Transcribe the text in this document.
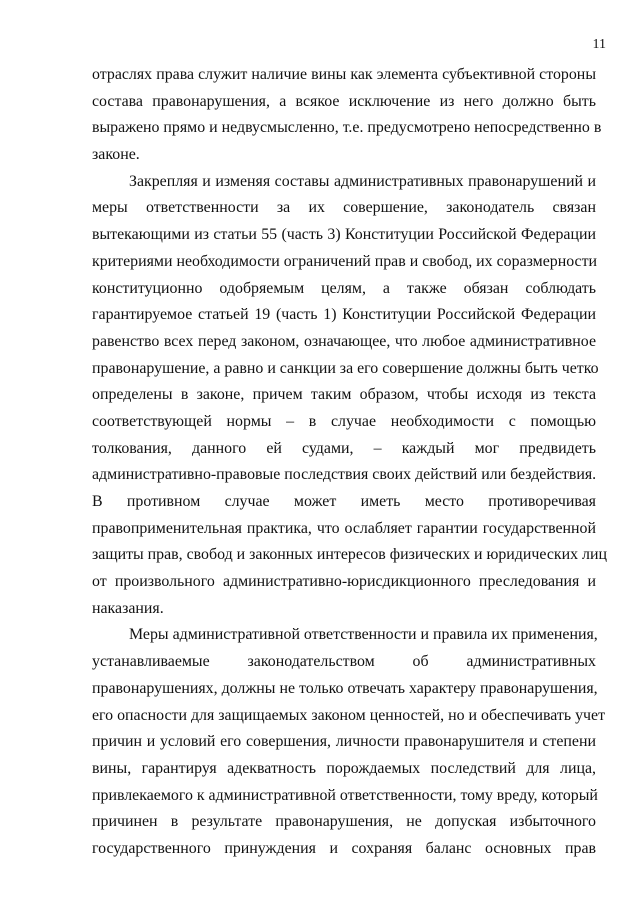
11
отраслях права служит наличие вины как элемента субъективной стороны
состава правонарушения, а всякое исключение из него должно быть
выражено прямо и недвусмысленно, т.е. предусмотрено непосредственно в
законе.
Закрепляя и изменяя составы административных правонарушений и
меры ответственности за их совершение, законодатель связан
вытекающими из статьи 55 (часть 3) Конституции Российской Федерации
критериями необходимости ограничений прав и свобод, их соразмерности
конституционно одобряемым целям, а также обязан соблюдать
гарантируемое статьей 19 (часть 1) Конституции Российской Федерации
равенство всех перед законом, означающее, что любое административное
правонарушение, а равно и санкции за его совершение должны быть четко
определены в законе, причем таким образом, чтобы исходя из текста
соответствующей нормы – в случае необходимости с помощью
толкования, данного ей судами, – каждый мог предвидеть
административно-правовые последствия своих действий или бездействия.
В противном случае может иметь место противоречивая
правоприменительная практика, что ослабляет гарантии государственной
защиты прав, свобод и законных интересов физических и юридических лиц
от произвольного административно-юрисдикционного преследования и
наказания.
Меры административной ответственности и правила их применения,
устанавливаемые законодательством об административных
правонарушениях, должны не только отвечать характеру правонарушения,
его опасности для защищаемых законом ценностей, но и обеспечивать учет
причин и условий его совершения, личности правонарушителя и степени
вины, гарантируя адекватность порождаемых последствий для лица,
привлекаемого к административной ответственности, тому вреду, который
причинен в результате правонарушения, не допуская избыточного
государственного принуждения и сохраняя баланс основных прав
